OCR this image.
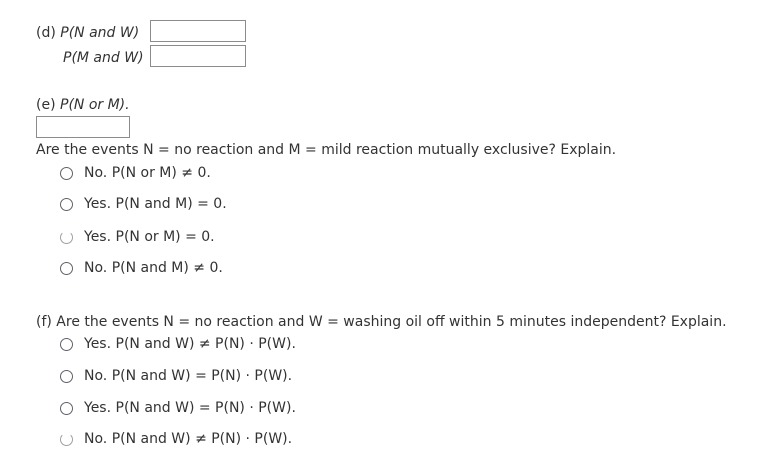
(d) P(N and W)
P(M and W)
(e) P(N or M).
Are the events N = no reaction and M = mild reaction mutually exclusive? Explain.
No. P(N or M) ≠ 0.
Yes. P(N and M) = 0.
Yes. P(N or M) = 0.
No. P(N and M) ≠ 0.
(f) Are the events N = no reaction and W = washing oil off within 5 minutes independent? Explain.
Yes. P(N and W) ≠ P(N) · P(W).
No. P(N and W) = P(N) · P(W).
Yes. P(N and W) = P(N) · P(W).
No. P(N and W) ≠ P(N) · P(W).
